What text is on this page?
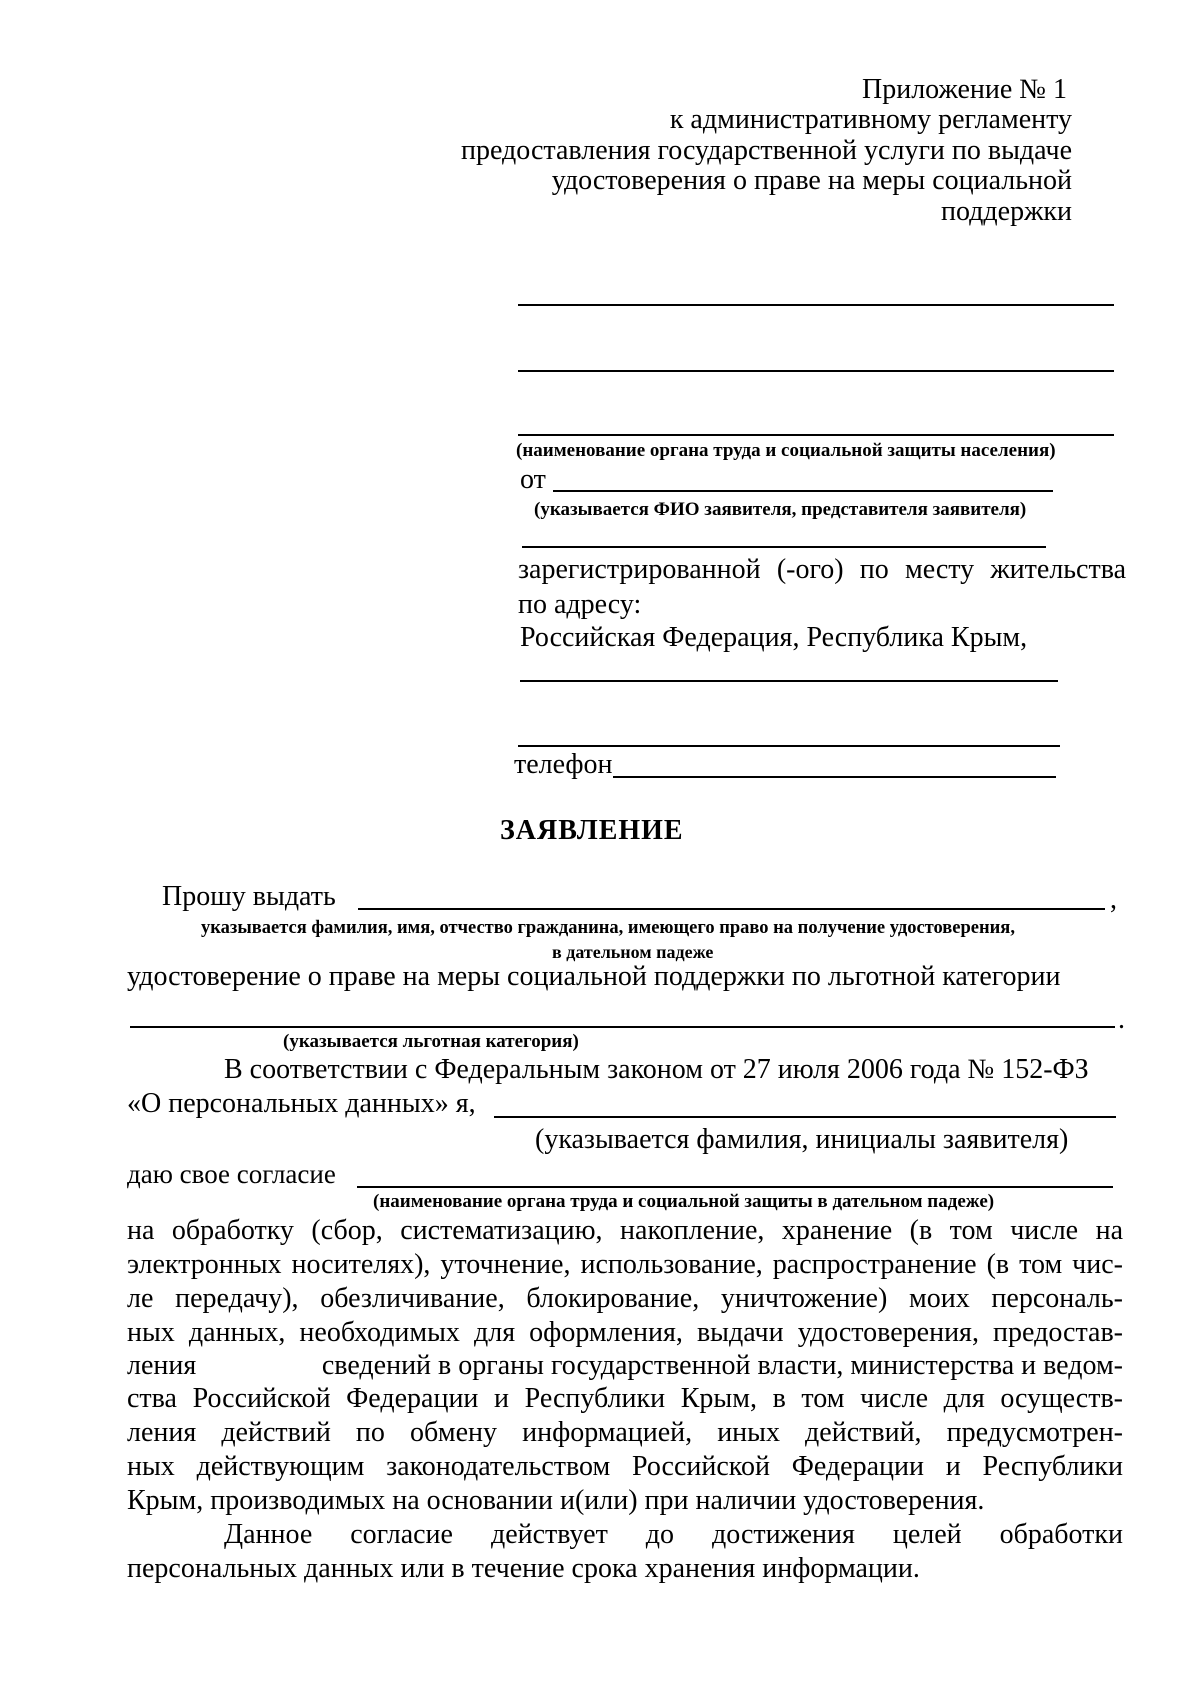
Приложение № 1
к административному регламенту
предоставления государственной услуги по выдаче
удостоверения о праве на меры социальной
поддержки
(наименование органа труда и социальной защиты населения)
от
(указывается ФИО заявителя, представителя заявителя)
зарегистрированной (-ого) по месту жительства
по адресу:
Российская Федерация, Республика Крым,
телефон
ЗАЯВЛЕНИЕ
Прошу выдать	,
указывается фамилия, имя, отчество гражданина, имеющего право на получение удостоверения,
в дательном падеже
удостоверение о праве на меры социальной поддержки по льготной категории
.
(указывается льготная категория)
В соответствии с Федеральным законом от 27 июля 2006 года № 152-ФЗ
«О персональных данных» я,
(указывается фамилия, инициалы заявителя)
даю свое согласие
(наименование органа труда и социальной защиты в дательном падеже)
на обработку (сбор, систематизацию, накопление, хранение (в том числе на
электронных носителях), уточнение, использование, распространение (в том чис-
ле передачу), обезличивание, блокирование, уничтожение) моих персональ-
ных данных, необходимых для оформления, выдачи удостоверения, предостав-
ления	сведений в органы государственной власти, министерства и ведом-
ства Российской Федерации и Республики Крым, в том числе для осуществ-
ления действий по обмену информацией, иных действий, предусмотрен-
ных действующим законодательством Российской Федерации и Республики
Крым, производимых на основании и(или) при наличии удостоверения.
Данное согласие действует до достижения целей обработки
персональных данных или в течение срока хранения информации.
